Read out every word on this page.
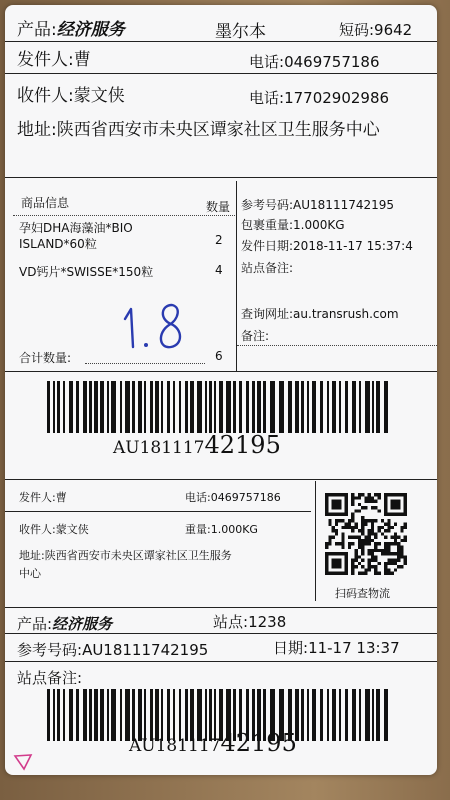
产品:经济服务	墨尔本	短码:9642
发件人:曹	电话:0469757186
收件人:蒙文侠	电话:17702902986
地址:陕西省西安市未央区谭家社区卫生服务中心
商品信息	数量
孕妇DHA海藻油*BIO
ISLAND*60粒	2
VD钙片*SWISSE*150粒	4
合计数量:	6
参考号码:AU1811174219​5
包裹重量:1.000KG
发件日期:2018-11-17 15:37:4
站点备注:
查询网址:au.transrush.com
备注:
AU18111742195
发件人:曹	电话:0469757186
收件人:蒙文侠	重量:1.000KG
地址:陕西省西安市未央区谭家社区卫生服务
中心
扫码查物流
产品:经济服务	站点:1238
参考号码:AU18111742195	日期:11-17 13:37
站点备注:
AU18111742195
